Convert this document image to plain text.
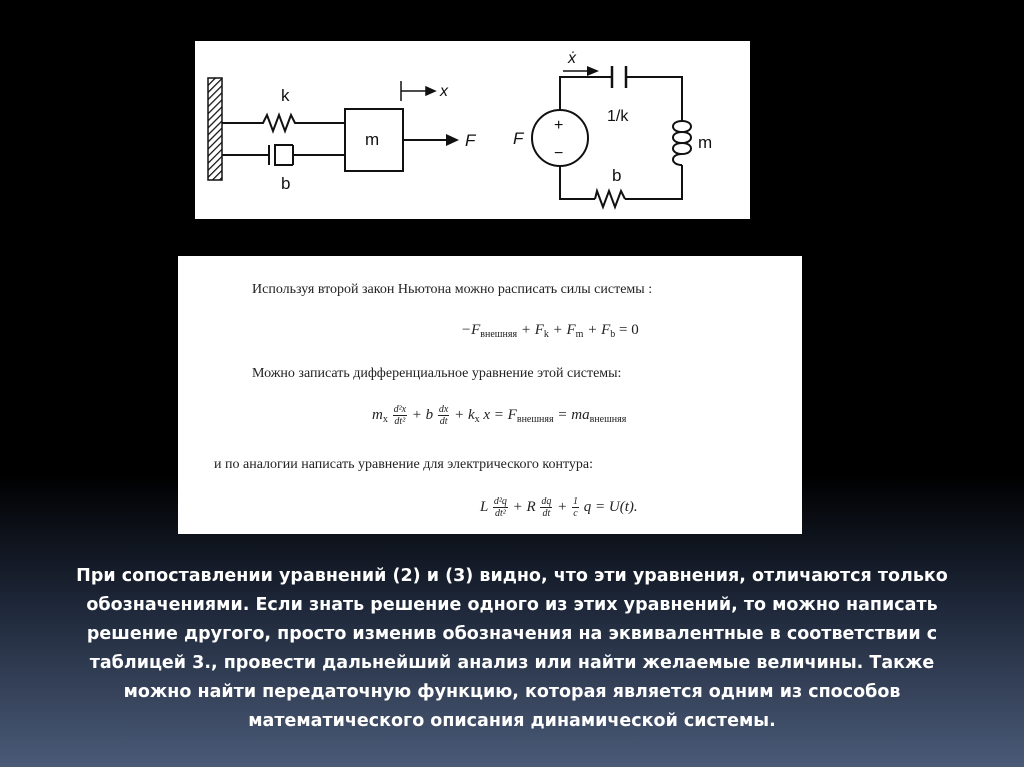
k
b
m	F
x
1/k
m
b
+
−
F
ẋ
Используя второй закон Ньютона можно расписать силы системы :
$-F_{внешняя} + F_k + F_m + F_b = 0$
Можно записать дифференциальное уравнение этой системы:
$m_x \frac{\text{d²x}}{\text{dt²}} + b \frac{dx}{dt} + k_x$ $x = F_{внешняя} = ma_{внешняя}$
и по аналогии написать уравнение для электрического контура:
L $\frac{\text{d²q}}{\text{dt²}} + R \frac{dq}{dt} + \frac{1}{c}$ q = U(t).
При сопоставлении уравнений (2) и (3) видно, что эти уравнения, отличаются только
обозначениями. Если знать решение одного из этих уравнений, то можно написать
решение другого, просто изменив обозначения на эквивалентные в соответствии с
таблицей 3., провести дальнейший анализ или найти желаемые величины. Также
можно найти передаточную функцию, которая является одним из способов
математического описания динамической системы.
